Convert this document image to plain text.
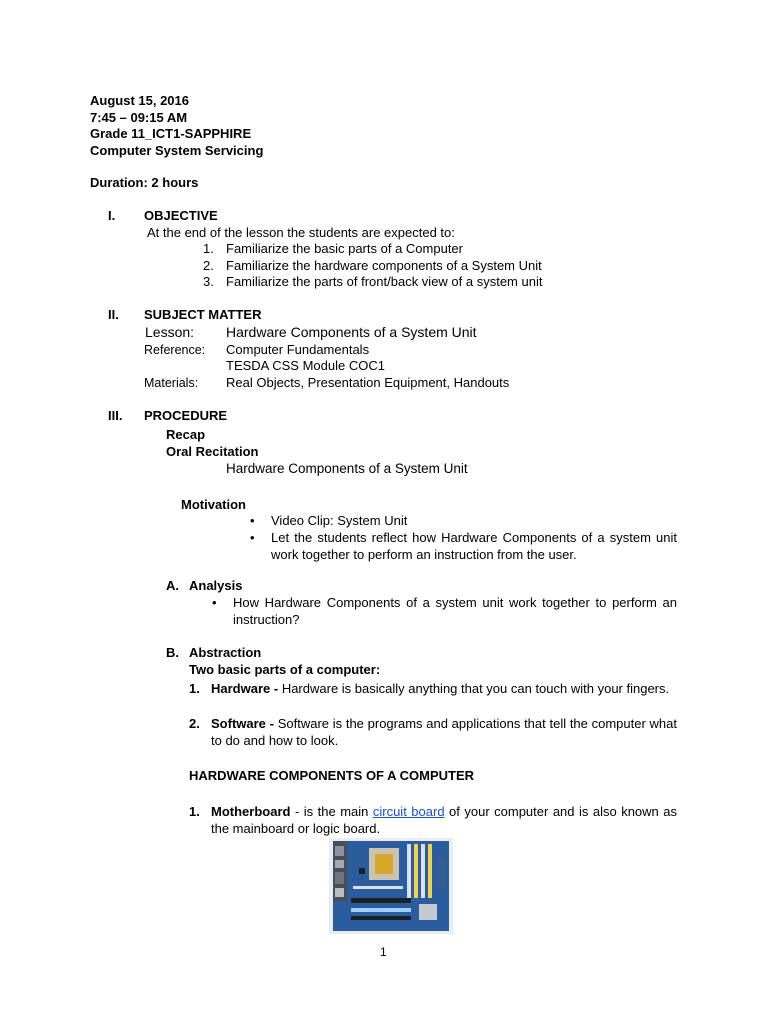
August 15, 2016
7:45 – 09:15 AM
Grade 11_ICT1-SAPPHIRE
Computer System Servicing
Duration: 2 hours
I. OBJECTIVE
At the end of the lesson the students are expected to:
1. Familiarize the basic parts of a Computer
2. Familiarize the hardware components of a System Unit
3. Familiarize the parts of front/back view of a system unit
II. SUBJECT MATTER
Lesson: Hardware Components of a System Unit
Reference: Computer Fundamentals
TESDA CSS Module COC1
Materials: Real Objects, Presentation Equipment, Handouts
III. PROCEDURE
Recap
Oral Recitation
Hardware Components of a System Unit
Motivation
• Video Clip: System Unit
• Let the students reflect how Hardware Components of a system unit work together to perform an instruction from the user.
A. Analysis
• How Hardware Components of a system unit work together to perform an instruction?
B. Abstraction
Two basic parts of a computer:
1. Hardware - Hardware is basically anything that you can touch with your fingers.
2. Software - Software is the programs and applications that tell the computer what to do and how to look.
HARDWARE COMPONENTS OF A COMPUTER
1. Motherboard - is the main circuit board of your computer and is also known as the mainboard or logic board.
1
